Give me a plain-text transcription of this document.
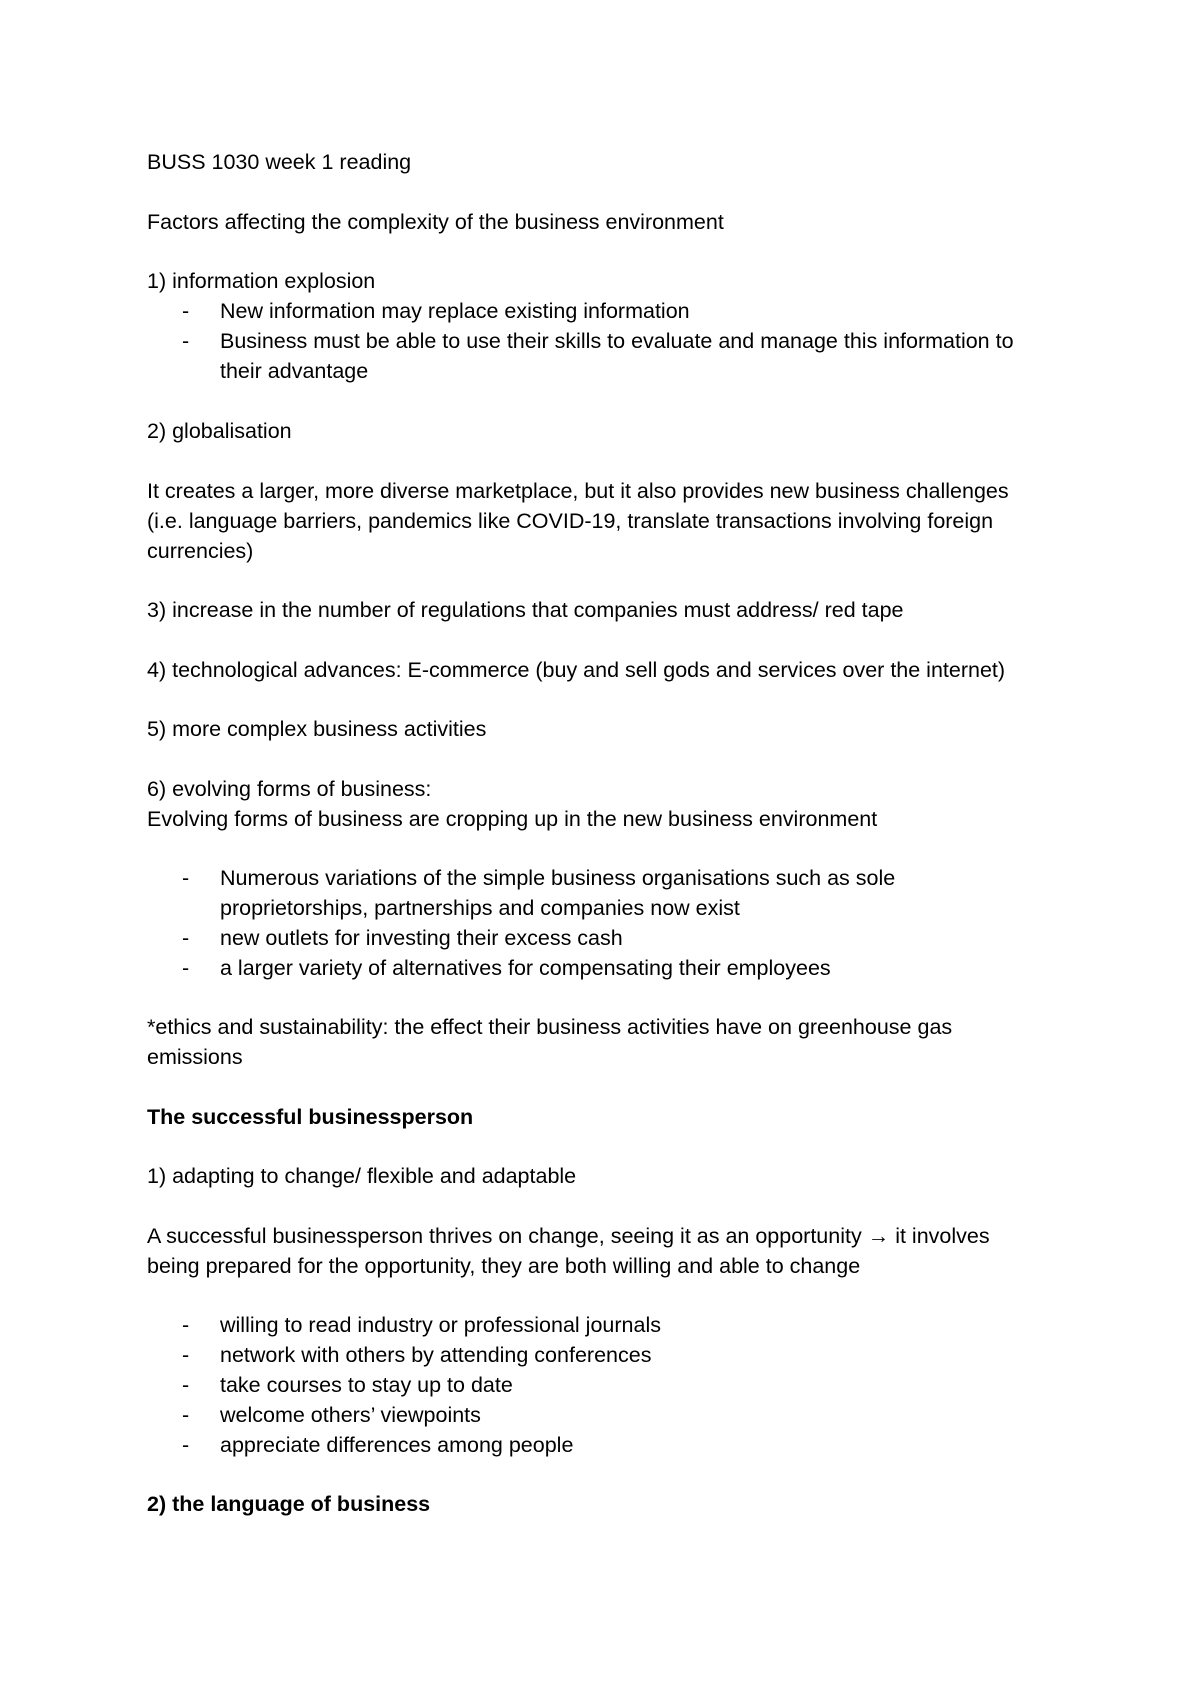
BUSS 1030 week 1 reading
Factors affecting the complexity of the business environment
1) information explosion
- New information may replace existing information
- Business must be able to use their skills to evaluate and manage this information to
their advantage
2) globalisation
It creates a larger, more diverse marketplace, but it also provides new business challenges
(i.e. language barriers, pandemics like COVID-19, translate transactions involving foreign
currencies)
3) increase in the number of regulations that companies must address/ red tape
4) technological advances: E-commerce (buy and sell gods and services over the internet)
5) more complex business activities
6) evolving forms of business:
Evolving forms of business are cropping up in the new business environment
- Numerous variations of the simple business organisations such as sole
proprietorships, partnerships and companies now exist
- new outlets for investing their excess cash
- a larger variety of alternatives for compensating their employees
*ethics and sustainability: the effect their business activities have on greenhouse gas
emissions
The successful businessperson
1) adapting to change/ flexible and adaptable
A successful businessperson thrives on change, seeing it as an opportunity → it involves
being prepared for the opportunity, they are both willing and able to change
- willing to read industry or professional journals
- network with others by attending conferences
- take courses to stay up to date
- welcome others’ viewpoints
- appreciate differences among people
2) the language of business
